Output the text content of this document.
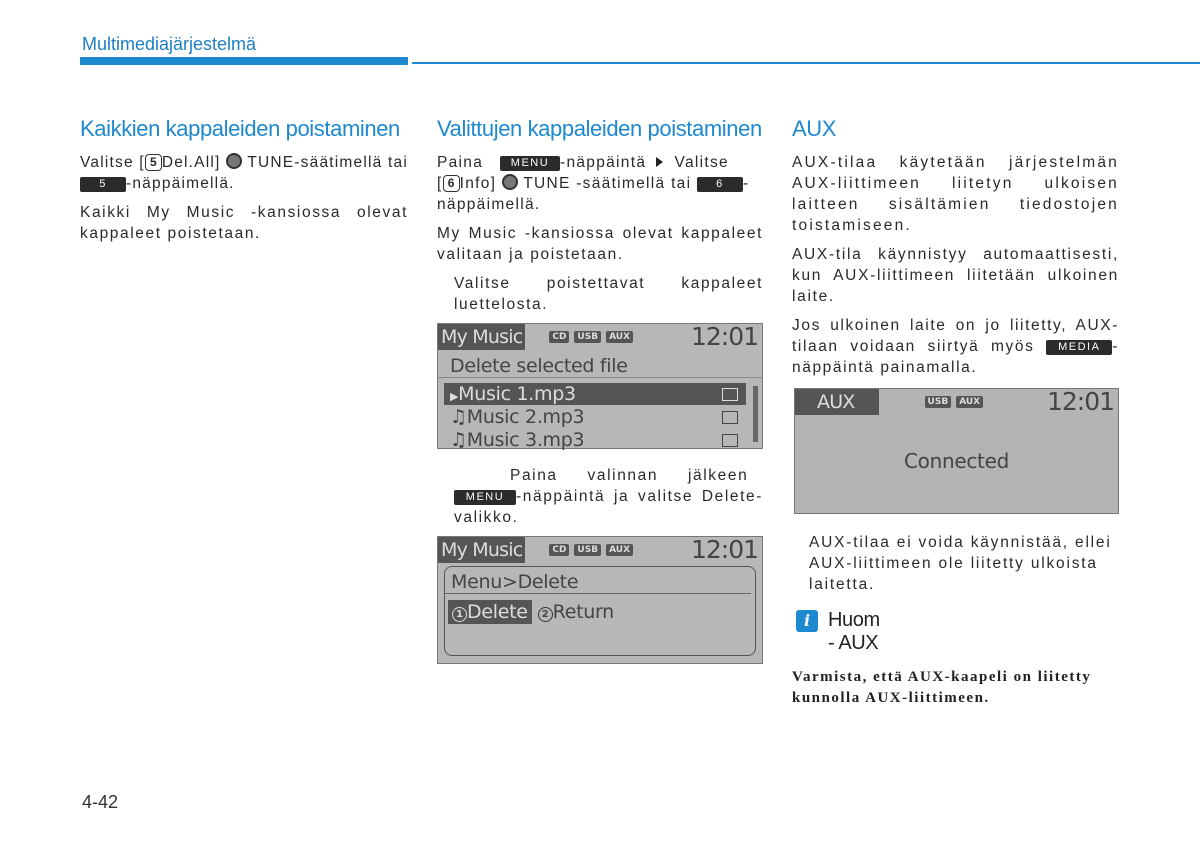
Multimediajärjestelmä
Kaikkien kappaleiden poistaminen

Valitse [ 5 Del.All] TUNE-säätimellä tai 5 -näppäimellä.

Kaikki My Music -kansiossa olevat kappaleet poistetaan.

Valittujen kappaleiden poistaminen

Paina	MENU -näppäintä Valitse
[ 6 Info] TUNE -säätimellä tai 6 -
näppäimellä.

My Music -kansiossa olevat kappaleet valitaan ja poistetaan.

Valitse poistettavat kappaleet luettelosta.

My Music	CD	USB	AUX 12:01
Delete selected file
▶Music 1.mp3
♫Music 2.mp3
♫Music 3.mp3

Paina valinnan jälkeen
MENU -näppäintä ja valitse Delete-valikko.

My Music	CD	USB	AUX 12:01
Menu>Delete
1 Delete	2 Return
AUX

AUX-tilaa käytetään järjestelmän AUX-liittimeen liitetyn ulkoisen laitteen sisältämien tiedostojen toistamiseen.

AUX-tila käynnistyy automaattisesti, kun AUX-liittimeen liitetään ulkoinen laite.

Jos ulkoinen laite on jo liitetty, AUX-tilaan voidaan siirtyä myös MEDIA -näppäintä painamalla.

AUX	USB	AUX	12:01
Connected

AUX-tilaa ei voida käynnistää, ellei AUX-liittimeen ole liitetty ulkoista laitetta.

i Huom
- AUX
Varmista, että AUX-kaapeli on liitetty kunnolla AUX-liittimeen.
4-42
